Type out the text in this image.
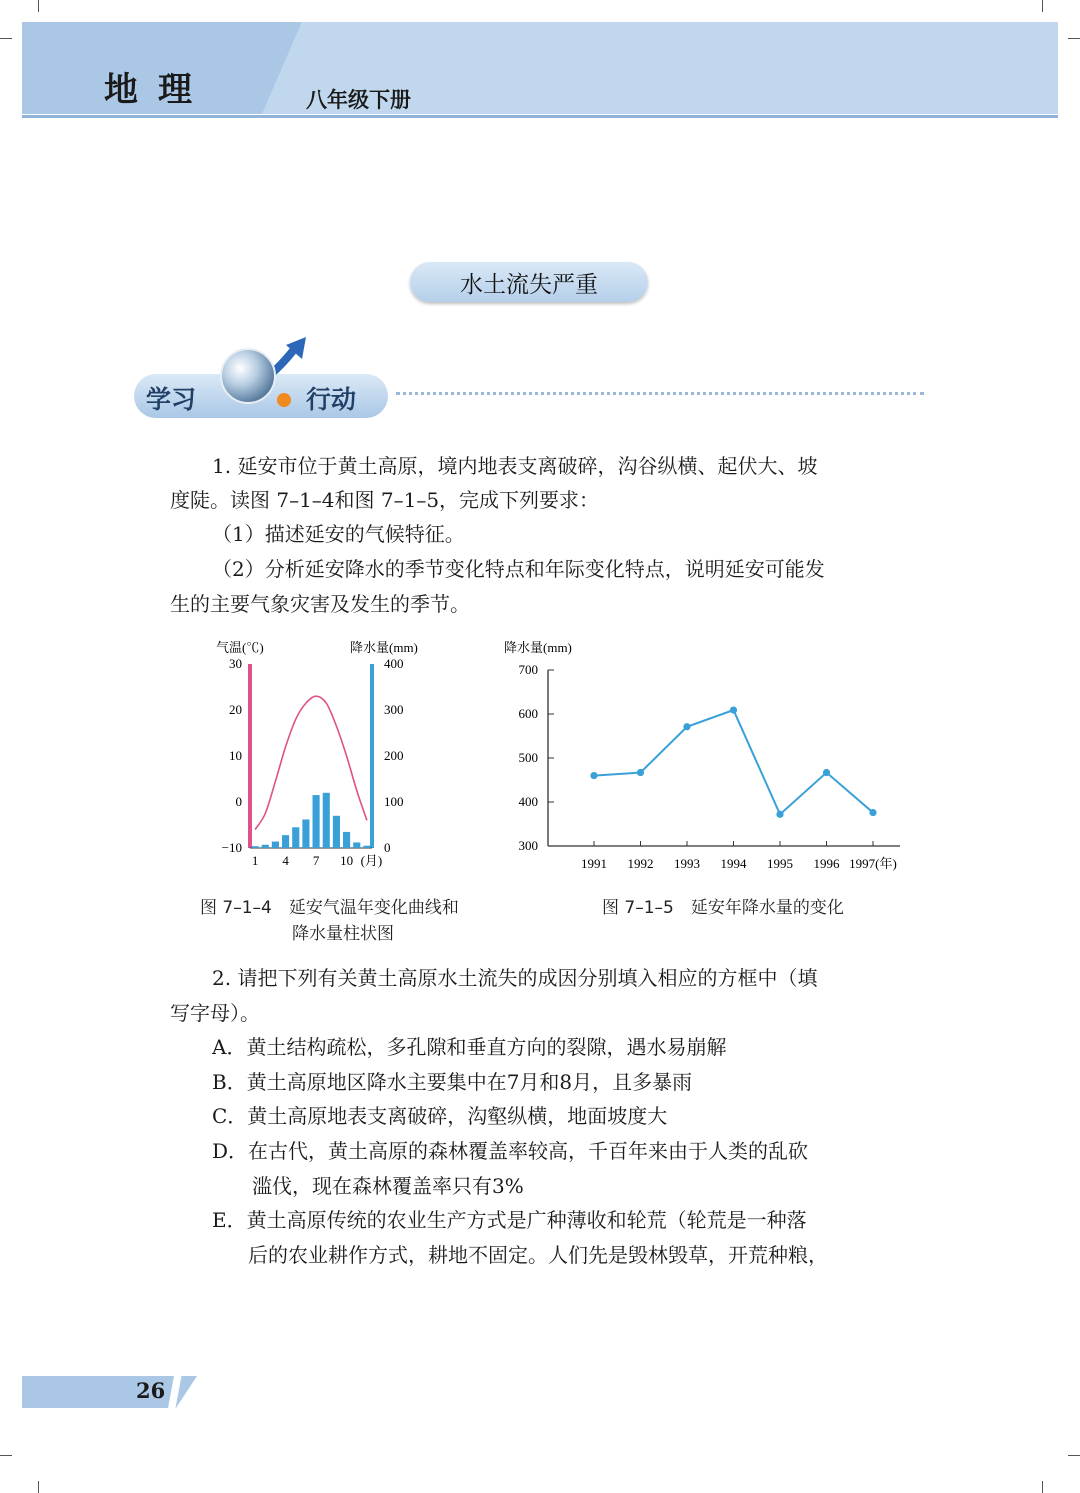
地理	八年级下册
水土流失严重
学习	行动
1. 延安市位于黄土高原，境内地表支离破碎，沟谷纵横、起伏大、坡
度陡。读图 7–1–4和图 7–1–5，完成下列要求：
（1）描述延安的气候特征。
（2）分析延安降水的季节变化特点和年际变化特点，说明延安可能发
生的主要气象灾害及发生的季节。
气温(℃)	降水量(mm)
30
20
10
0
−10
400
300
200
100
0
1 4 7 10 (月)
图 7–1–4　延安气温年变化曲线和
降水量柱状图
降水量(mm)
700
600
500
400
300
1991 1992 1993 1994 1995 1996 1997(年)
图 7–1–5　延安年降水量的变化
2. 请把下列有关黄土高原水土流失的成因分别填入相应的方框中（填
写字母）。
A．黄土结构疏松，多孔隙和垂直方向的裂隙，遇水易崩解
B．黄土高原地区降水主要集中在7月和8月，且多暴雨
C．黄土高原地表支离破碎，沟壑纵横，地面坡度大
D．在古代，黄土高原的森林覆盖率较高，千百年来由于人类的乱砍
滥伐，现在森林覆盖率只有3%
E．黄土高原传统的农业生产方式是广种薄收和轮荒（轮荒是一种落
后的农业耕作方式，耕地不固定。人们先是毁林毁草，开荒种粮，
26
